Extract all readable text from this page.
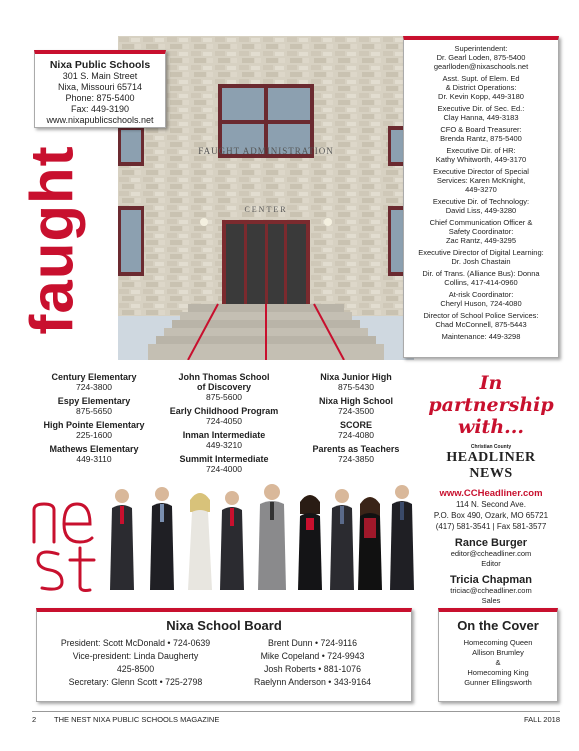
faught	FAUGHT ADMINISTRATION
CENTER
Nixa Public Schools
301 S. Main Street
Nixa, Missouri 65714
Phone: 875-5400
Fax: 449-3190
www.nixapublicschools.net
Superintendent:
Dr. Gearl Loden, 875-5400
gearlloden@nixaschools.net
Asst. Supt. of Elem. Ed
& District Operations:
Dr. Kevin Kopp, 449-3180
Executive Dir. of Sec. Ed.:
Clay Hanna, 449-3183
CFO & Board Treasurer:
Brenda Rantz, 875-5400
Executive Dir. of HR:
Kathy Whitworth, 449-3170
Executive Director of Special
Services: Karen McKnight,
449-3270
Executive Dir. of Technology:
David Liss, 449-3280
Chief Communication Officer &
Safety Coordinator:
Zac Rantz, 449-3295
Executive Director of Digital Learning:
Dr. Josh Chastain
Dir. of Trans. (Alliance Bus): Donna
Collins, 417-414-0960
At-risk Coordinator:
Cheryl Huson, 724-4080
Director of School Police Services:
Chad McConnell, 875-5443
Maintenance: 449-3298
Century Elementary
724-3800
Espy Elementary
875-5650
High Pointe Elementary
225-1600
Mathews Elementary
449-3110
John Thomas School
of Discovery
875-5600
Early Childhood Program
724-4050
Inman Intermediate
449-3210
Summit Intermediate
724-4000
Nixa Junior High
875-5430
Nixa High School
724-3500
SCORE
724-4080
Parents as Teachers
724-3850
In
partnership
with...
Christian County
HEADLINER NEWS
www.CCHeadliner.com
114 N. Second Ave.
P.O. Box 490, Ozark, MO 65721
(417) 581-3541 | Fax 581-3577
Rance Burger
editor@ccheadliner.com
Editor
Tricia Chapman
triciac@ccheadliner.com
Sales
Nixa School Board
President: Scott McDonald • 724-0639
Vice-president: Linda Daugherty
425-8500
Secretary: Glenn Scott • 725-2798
Brent Dunn • 724-9116
Mike Copeland • 724-9943
Josh Roberts • 881-1076
Raelynn Anderson • 343-9164
On the Cover
Homecoming Queen
Allison Brumley
&
Homecoming King
Gunner Ellingsworth
2	THE NEST NIXA PUBLIC SCHOOLS MAGAZINE	FALL 2018
